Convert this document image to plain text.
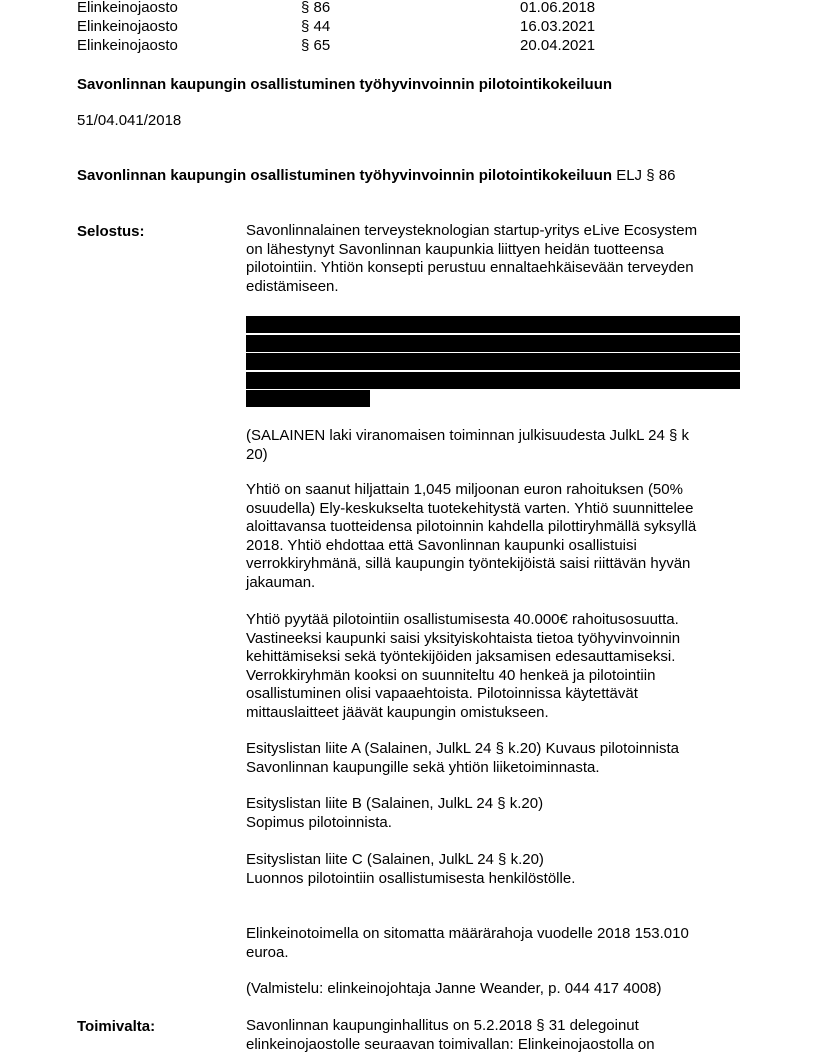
Elinkeinojaosto	§ 86	01.06.2018
Elinkeinojaosto	§ 44	16.03.2021
Elinkeinojaosto	§ 65	20.04.2021
Savonlinnan kaupungin osallistuminen työhyvinvoinnin pilotointikokeiluun
51/04.041/2018
Savonlinnan kaupungin osallistuminen työhyvinvoinnin pilotointikokeiluun ELJ § 86
Selostus:	Savonlinnalainen terveysteknologian startup-yritys eLive Ecosystem

on lähestynyt Savonlinnan kaupunkia liittyen heidän tuotteensa

pilotointiin. Yhtiön konsepti perustuu ennaltaehkäisevään terveyden

edistämiseen.

(SALAINEN laki viranomaisen toiminnan julkisuudesta JulkL 24 § k

20)

Yhtiö on saanut hiljattain 1,045 miljoonan euron rahoituksen (50%

osuudella) Ely-keskukselta tuotekehitystä varten. Yhtiö suunnittelee

aloittavansa tuotteidensa pilotoinnin kahdella pilottiryhmällä syksyllä

2018. Yhtiö ehdottaa että Savonlinnan kaupunki osallistuisi

verrokkiryhmänä, sillä kaupungin työntekijöistä saisi riittävän hyvän

jakauman.

Yhtiö pyytää pilotointiin osallistumisesta 40.000€ rahoitusosuutta.

Vastineeksi kaupunki saisi yksityiskohtaista tietoa työhyvinvoinnin

kehittämiseksi sekä työntekijöiden jaksamisen edesauttamiseksi.

Verrokkiryhmän kooksi on suunniteltu 40 henkeä ja pilotointiin

osallistuminen olisi vapaaehtoista. Pilotoinnissa käytettävät

mittauslaitteet jäävät kaupungin omistukseen.

Esityslistan liite A (Salainen, JulkL 24 § k.20) Kuvaus pilotoinnista

Savonlinnan kaupungille sekä yhtiön liiketoiminnasta.

Esityslistan liite B (Salainen, JulkL 24 § k.20)

Sopimus pilotoinnista.

Esityslistan liite C (Salainen, JulkL 24 § k.20)

Luonnos pilotointiin osallistumisesta henkilöstölle.

Elinkeinotoimella on sitomatta määrärahoja vuodelle 2018 153.010

euroa.

(Valmistelu: elinkeinojohtaja Janne Weander, p. 044 417 4008)

Toimivalta:	Savonlinnan kaupunginhallitus on 5.2.2018 § 31 delegoinut

elinkeinojaostolle seuraavan toimivallan: Elinkeinojaostolla on
